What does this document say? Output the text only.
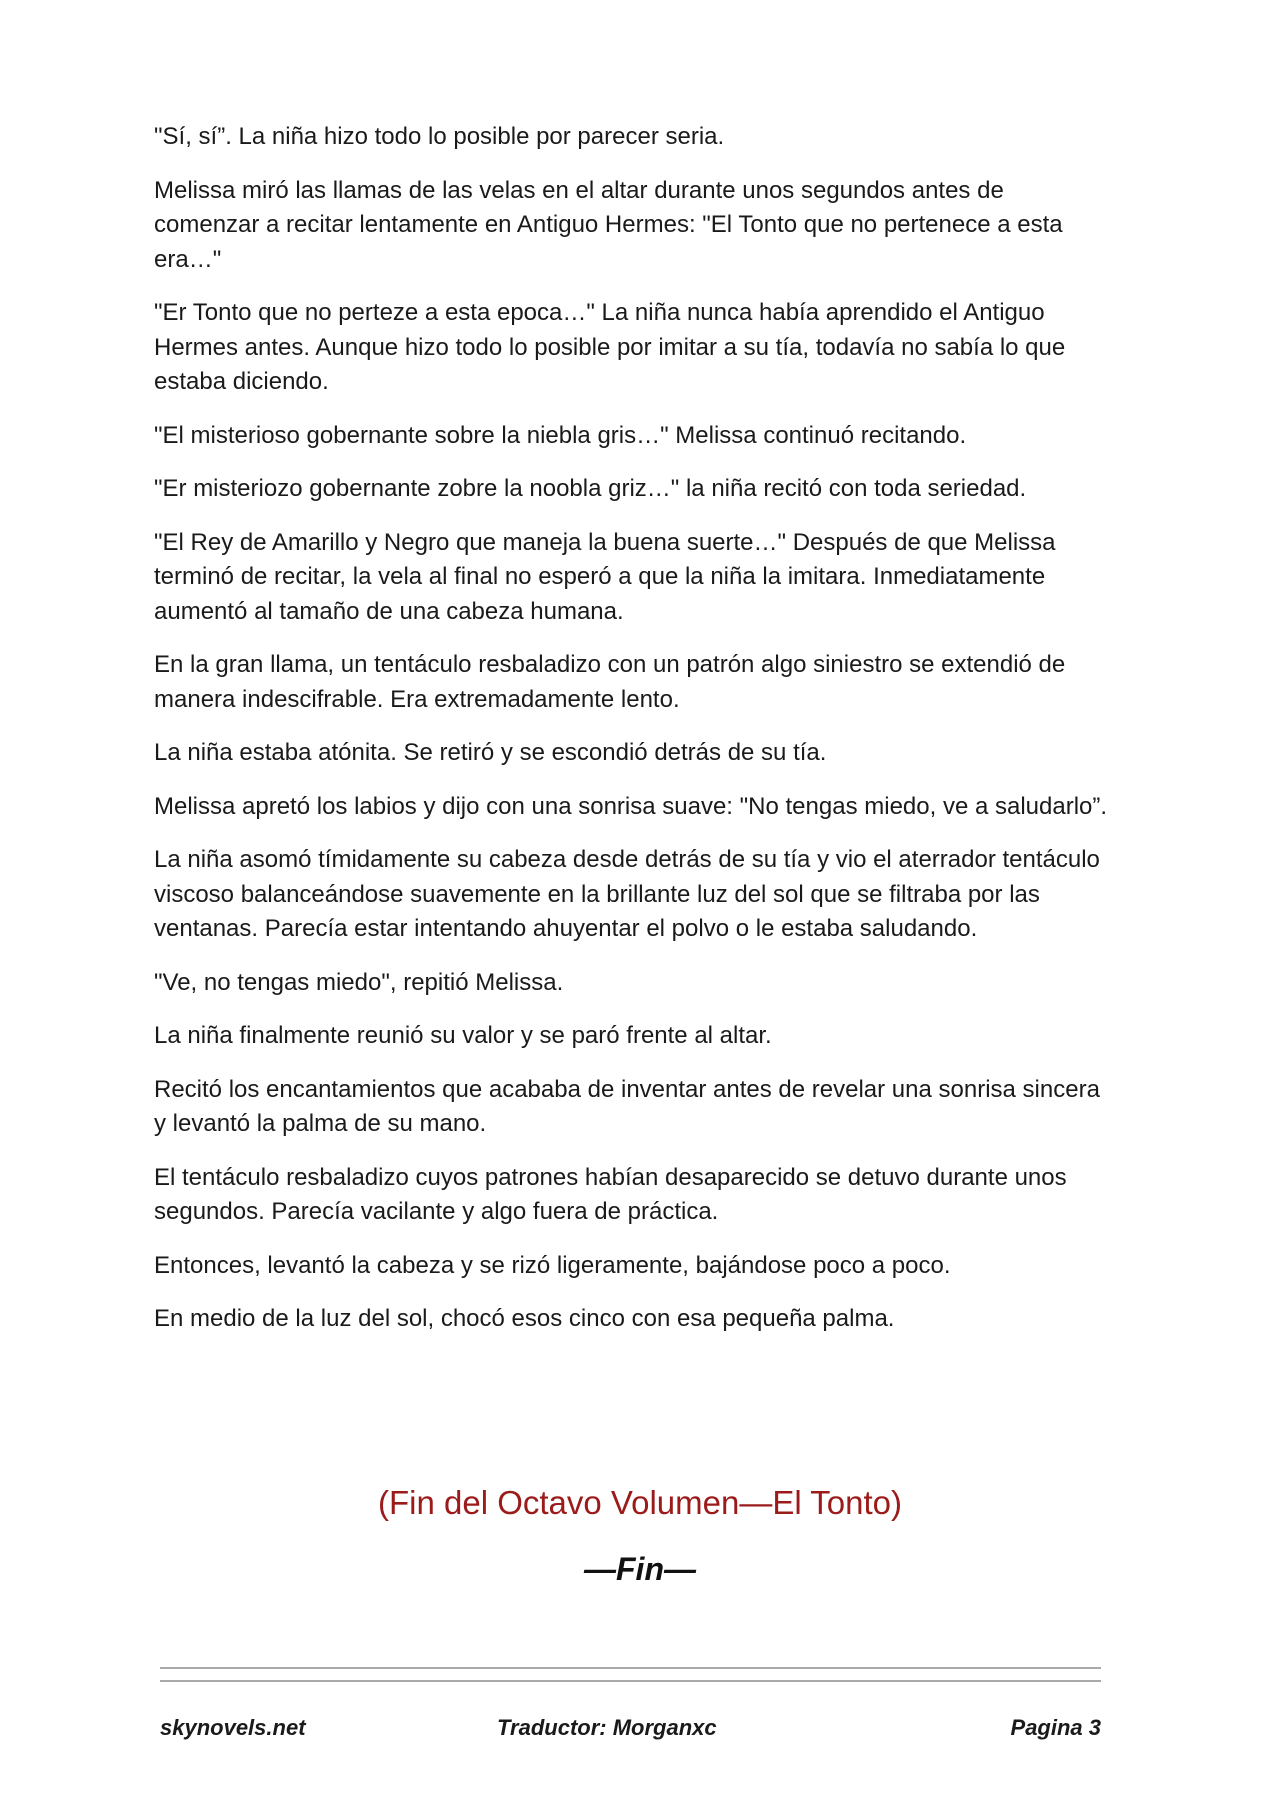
"Sí, sí”. La niña hizo todo lo posible por parecer seria.

Melissa miró las llamas de las velas en el altar durante unos segundos antes de comenzar a recitar lentamente en Antiguo Hermes: "El Tonto que no pertenece a esta era…"

"Er Tonto que no perteze a esta epoca…" La niña nunca había aprendido el Antiguo Hermes antes. Aunque hizo todo lo posible por imitar a su tía, todavía no sabía lo que estaba diciendo.

"El misterioso gobernante sobre la niebla gris…" Melissa continuó recitando.

"Er misteriozo gobernante zobre la noobla griz…" la niña recitó con toda seriedad.

"El Rey de Amarillo y Negro que maneja la buena suerte…" Después de que Melissa terminó de recitar, la vela al final no esperó a que la niña la imitara. Inmediatamente aumentó al tamaño de una cabeza humana.

En la gran llama, un tentáculo resbaladizo con un patrón algo siniestro se extendió de manera indescifrable. Era extremadamente lento.

La niña estaba atónita. Se retiró y se escondió detrás de su tía.

Melissa apretó los labios y dijo con una sonrisa suave: "No tengas miedo, ve a saludarlo”.

La niña asomó tímidamente su cabeza desde detrás de su tía y vio el aterrador tentáculo viscoso balanceándose suavemente en la brillante luz del sol que se filtraba por las ventanas. Parecía estar intentando ahuyentar el polvo o le estaba saludando.

"Ve, no tengas miedo", repitió Melissa.

La niña finalmente reunió su valor y se paró frente al altar.

Recitó los encantamientos que acababa de inventar antes de revelar una sonrisa sincera y levantó la palma de su mano.

El tentáculo resbaladizo cuyos patrones habían desaparecido se detuvo durante unos segundos. Parecía vacilante y algo fuera de práctica.

Entonces, levantó la cabeza y se rizó ligeramente, bajándose poco a poco.

En medio de la luz del sol, chocó esos cinco con esa pequeña palma.

(Fin del Octavo Volumen—El Tonto)
—Fin—
skynovels.net	Traductor: Morganxc	Pagina 3
